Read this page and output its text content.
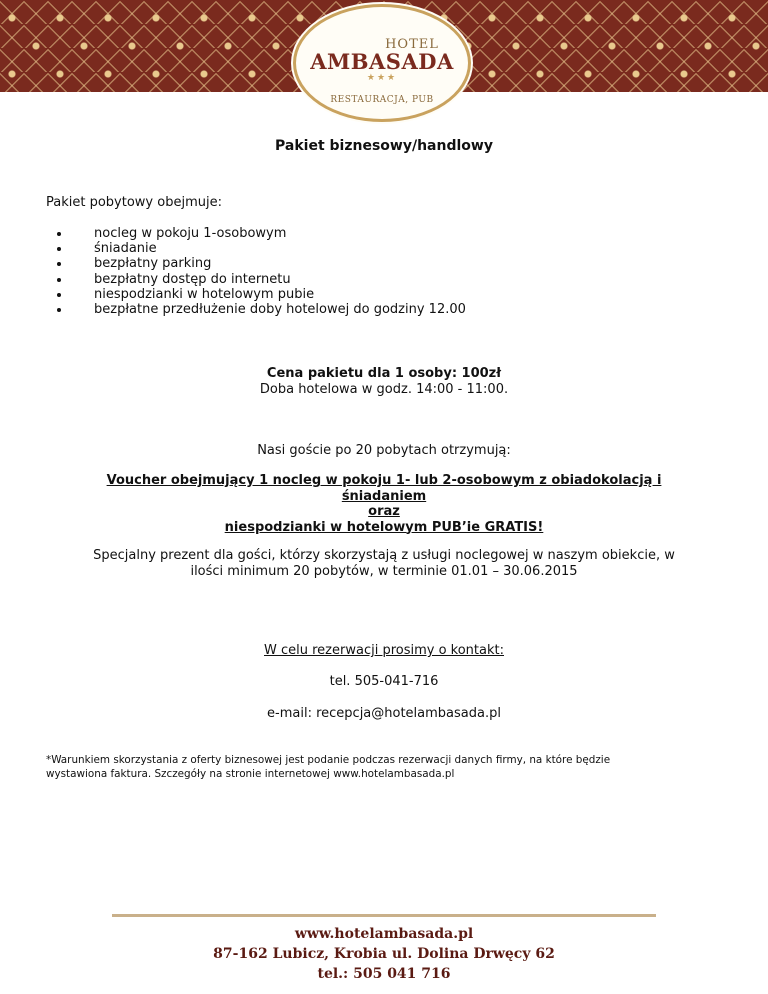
HOTEL
AMBASADA
★★★
RESTAURACJA, PUB
Pakiet biznesowy/handlowy
Pakiet pobytowy obejmuje:
nocleg w pokoju 1-osobowym
śniadanie
bezpłatny parking
bezpłatny dostęp do internetu
niespodzianki w hotelowym pubie
bezpłatne przedłużenie doby hotelowej do godziny 12.00
Cena pakietu dla 1 osoby: 100zł
Doba hotelowa w godz. 14:00 - 11:00.
Nasi goście po 20 pobytach otrzymują:
Voucher obejmujący 1 nocleg w pokoju 1- lub 2-osobowym z obiadokolacją i
śniadaniem
oraz
niespodzianki w hotelowym PUB’ie GRATIS!
Specjalny prezent dla gości, którzy skorzystają z usługi noclegowej w naszym obiekcie, w
ilości minimum 20 pobytów, w terminie 01.01 – 30.06.2015
W celu rezerwacji prosimy o kontakt:
tel. 505-041-716
e-mail: recepcja@hotelambasada.pl
*Warunkiem skorzystania z oferty biznesowej jest podanie podczas rezerwacji danych firmy, na które będzie
wystawiona faktura. Szczegóły na stronie internetowej www.hotelambasada.pl
www.hotelambasada.pl
87-162 Lubicz, Krobia ul. Dolina Drwęcy 62
tel.: 505 041 716
